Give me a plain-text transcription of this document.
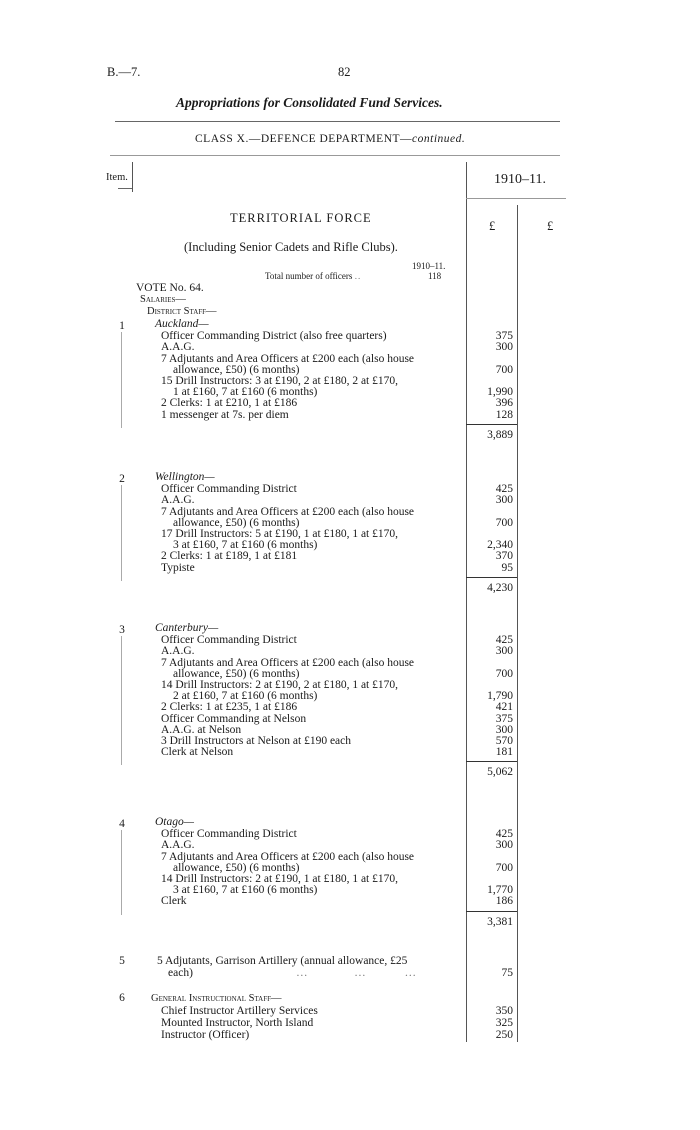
B.—7.	82
Appropriations for Consolidated Fund Services.
CLASS X.—DEFENCE DEPARTMENT—continued.
Item.	1910–11.
£	£
TERRITORIAL FORCE
(Including Senior Cadets and Rifle Clubs).
1910–11.
Total number of officers ..	118
VOTE No. 64.
Salaries—
District Staff—
1	Auckland—
Officer Commanding District (also free quarters)	375
A.A.G.	300
7 Adjutants and Area Officers at £200 each (also house
allowance, £50) (6 months)	700
15 Drill Instructors: 3 at £190, 2 at £180, 2 at £170,
1 at £160, 7 at £160 (6 months)	1,990
2 Clerks: 1 at £210, 1 at £186	396
1 messenger at 7s. per diem	128
3,889
2	Wellington—
Officer Commanding District	425
A.A.G.	300
7 Adjutants and Area Officers at £200 each (also house
allowance, £50) (6 months)	700
17 Drill Instructors: 5 at £190, 1 at £180, 1 at £170,
3 at £160, 7 at £160 (6 months)	2,340
2 Clerks: 1 at £189, 1 at £181	370
Typiste	95
4,230
3	Canterbury—
Officer Commanding District	425
A.A.G.	300
7 Adjutants and Area Officers at £200 each (also house
allowance, £50) (6 months)	700
14 Drill Instructors: 2 at £190, 2 at £180, 1 at £170,
2 at £160, 7 at £160 (6 months)	1,790
2 Clerks: 1 at £235, 1 at £186	421
Officer Commanding at Nelson	375
A.A.G. at Nelson	300
3 Drill Instructors at Nelson at £190 each	570
Clerk at Nelson	181
5,062
4	Otago—
Officer Commanding District	425
A.A.G.	300
7 Adjutants and Area Officers at £200 each (also house
allowance, £50) (6 months)	700
14 Drill Instructors: 2 at £190, 1 at £180, 1 at £170,
3 at £160, 7 at £160 (6 months)	1,770
Clerk	186
3,381
5	5 Adjutants, Garrison Artillery (annual allowance, £25
each)                           ...            ...          ...	75
6	General Instructional Staff—
Chief Instructor Artillery Services	350
Mounted Instructor, North Island	325
Instructor (Officer)	250
